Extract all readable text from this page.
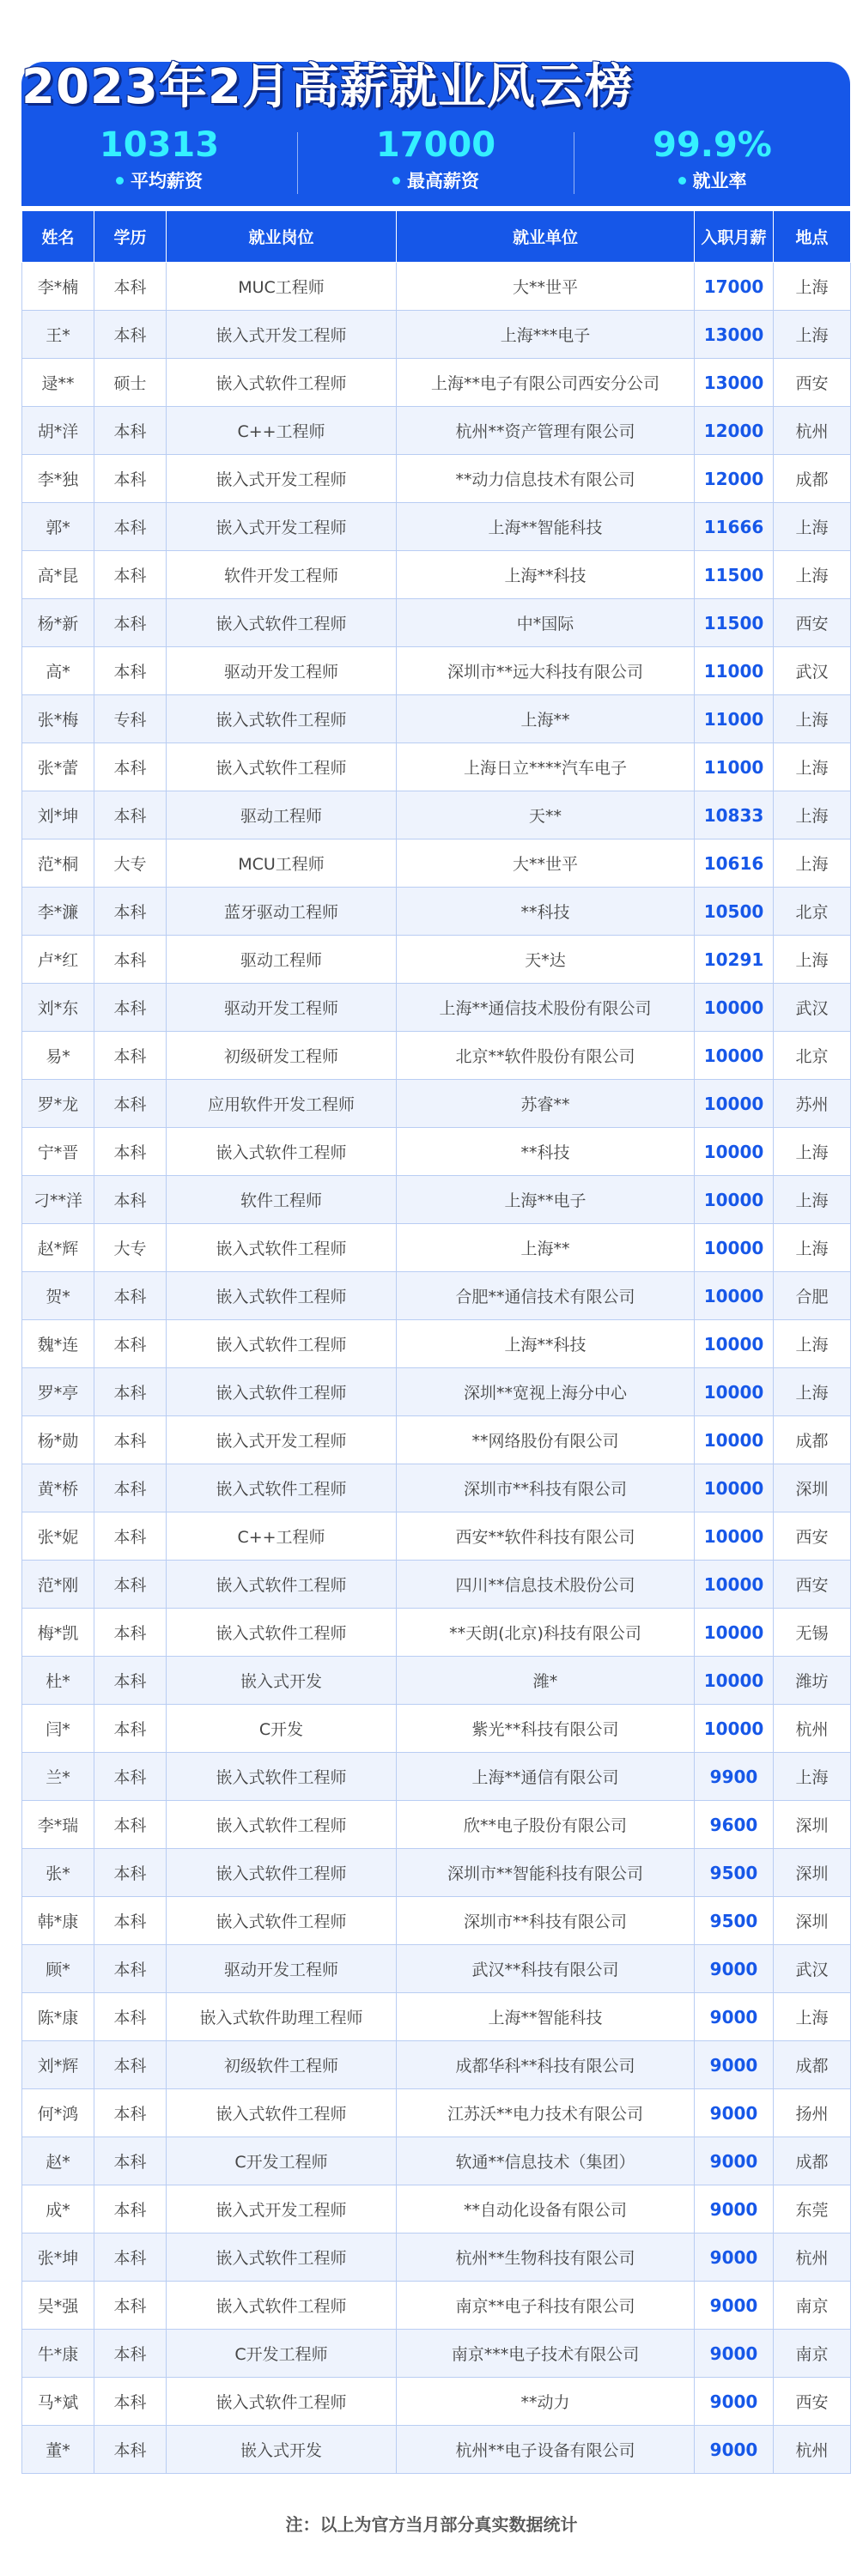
2023年2月高薪就业风云榜
10313
平均薪资
17000
最高薪资
99.9%
就业率
姓名	学历	就业岗位	就业单位	入职月薪	地点
李*楠	本科	MUC工程师	大**世平	17000	上海
王*	本科	嵌入式开发工程师	上海***电子	13000	上海
逯**	硕士	嵌入式软件工程师	上海**电子有限公司西安分公司	13000	西安
胡*洋	本科	C++工程师	杭州**资产管理有限公司	12000	杭州
李*独	本科	嵌入式开发工程师	**动力信息技术有限公司	12000	成都
郭*	本科	嵌入式开发工程师	上海**智能科技	11666	上海
高*昆	本科	软件开发工程师	上海**科技	11500	上海
杨*新	本科	嵌入式软件工程师	中*国际	11500	西安
高*	本科	驱动开发工程师	深圳市**远大科技有限公司	11000	武汉
张*梅	专科	嵌入式软件工程师	上海**	11000	上海
张*蕾	本科	嵌入式软件工程师	上海日立****汽车电子	11000	上海
刘*坤	本科	驱动工程师	天**	10833	上海
范*桐	大专	MCU工程师	大**世平	10616	上海
李*濂	本科	蓝牙驱动工程师	**科技	10500	北京
卢*红	本科	驱动工程师	天*达	10291	上海
刘*东	本科	驱动开发工程师	上海**通信技术股份有限公司	10000	武汉
易*	本科	初级研发工程师	北京**软件股份有限公司	10000	北京
罗*龙	本科	应用软件开发工程师	苏睿**	10000	苏州
宁*晋	本科	嵌入式软件工程师	**科技	10000	上海
刁**洋	本科	软件工程师	上海**电子	10000	上海
赵*辉	大专	嵌入式软件工程师	上海**	10000	上海
贺*	本科	嵌入式软件工程师	合肥**通信技术有限公司	10000	合肥
魏*连	本科	嵌入式软件工程师	上海**科技	10000	上海
罗*亭	本科	嵌入式软件工程师	深圳**宽视上海分中心	10000	上海
杨*勋	本科	嵌入式开发工程师	**网络股份有限公司	10000	成都
黄*桥	本科	嵌入式软件工程师	深圳市**科技有限公司	10000	深圳
张*妮	本科	C++工程师	西安**软件科技有限公司	10000	西安
范*刚	本科	嵌入式软件工程师	四川**信息技术股份公司	10000	西安
梅*凯	本科	嵌入式软件工程师	**天朗(北京)科技有限公司	10000	无锡
杜*	本科	嵌入式开发	潍*	10000	潍坊
闫*	本科	C开发	紫光**科技有限公司	10000	杭州
兰*	本科	嵌入式软件工程师	上海**通信有限公司	9900	上海
李*瑞	本科	嵌入式软件工程师	欣**电子股份有限公司	9600	深圳
张*	本科	嵌入式软件工程师	深圳市**智能科技有限公司	9500	深圳
韩*康	本科	嵌入式软件工程师	深圳市**科技有限公司	9500	深圳
顾*	本科	驱动开发工程师	武汉**科技有限公司	9000	武汉
陈*康	本科	嵌入式软件助理工程师	上海**智能科技	9000	上海
刘*辉	本科	初级软件工程师	成都华科**科技有限公司	9000	成都
何*鸿	本科	嵌入式软件工程师	江苏沃**电力技术有限公司	9000	扬州
赵*	本科	C开发工程师	软通**信息技术（集团）	9000	成都
成*	本科	嵌入式开发工程师	**自动化设备有限公司	9000	东莞
张*坤	本科	嵌入式软件工程师	杭州**生物科技有限公司	9000	杭州
吴*强	本科	嵌入式软件工程师	南京**电子科技有限公司	9000	南京
牛*康	本科	C开发工程师	南京***电子技术有限公司	9000	南京
马*斌	本科	嵌入式软件工程师	**动力	9000	西安
董*	本科	嵌入式开发	杭州**电子设备有限公司	9000	杭州
注：以上为官方当月部分真实数据统计
